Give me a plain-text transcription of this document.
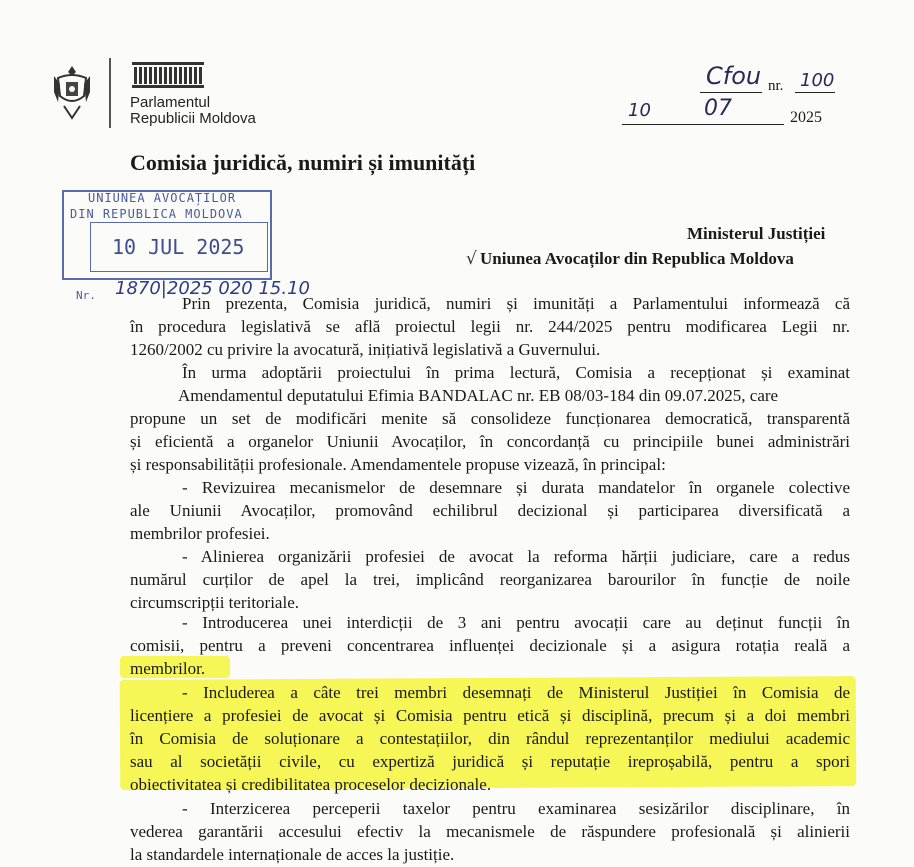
Parlamentul
Republicii Moldova
Cfou nr. 100
10 07	2025
Comisia juridică, numiri și imunități
UNIUNEA AVOCAȚILOR
DIN REPUBLICA MOLDOVA
10 JUL 2025
Nr. 1870|2025 020 15.10
Ministerul Justiției
√ Uniunea Avocaților din Republica Moldova
Prin prezenta, Comisia juridică, numiri și imunități a Parlamentului informează că
în procedura legislativă se află proiectul legii nr. 244/2025 pentru modificarea Legii nr.
1260/2002 cu privire la avocatură, inițiativă legislativă a Guvernului.
În urma adoptării proiectului în prima lectură, Comisia a recepționat și examinat
Amendamentul deputatului Efimia BANDALAC nr. EB 08/03-184 din 09.07.2025, care
propune un set de modificări menite să consolideze funcționarea democratică, transparentă
și eficientă a organelor Uniunii Avocaților, în concordanță cu principiile bunei administrări
și responsabilității profesionale. Amendamentele propuse vizează, în principal:
- Revizuirea mecanismelor de desemnare și durata mandatelor în organele colective
ale Uniunii Avocaților, promovând echilibrul decizional și participarea diversificată a
membrilor profesiei.
- Alinierea organizării profesiei de avocat la reforma hărții judiciare, care a redus
numărul curților de apel la trei, implicând reorganizarea barourilor în funcție de noile
circumscripții teritoriale.
- Introducerea unei interdicții de 3 ani pentru avocații care au deținut funcții în
comisii, pentru a preveni concentrarea influenței decizionale și a asigura rotația reală a
membrilor.
- Includerea a câte trei membri desemnați de Ministerul Justiției în Comisia de
licențiere a profesiei de avocat și Comisia pentru etică și disciplină, precum și a doi membri
în Comisia de soluționare a contestațiilor, din rândul reprezentanților mediului academic
sau al societății civile, cu expertiză juridică și reputație ireproșabilă, pentru a spori
obiectivitatea și credibilitatea proceselor decizionale.
- Interzicerea perceperii taxelor pentru examinarea sesizărilor disciplinare, în
vederea garantării accesului efectiv la mecanismele de răspundere profesională și alinierii
la standardele internaționale de acces la justiție.
